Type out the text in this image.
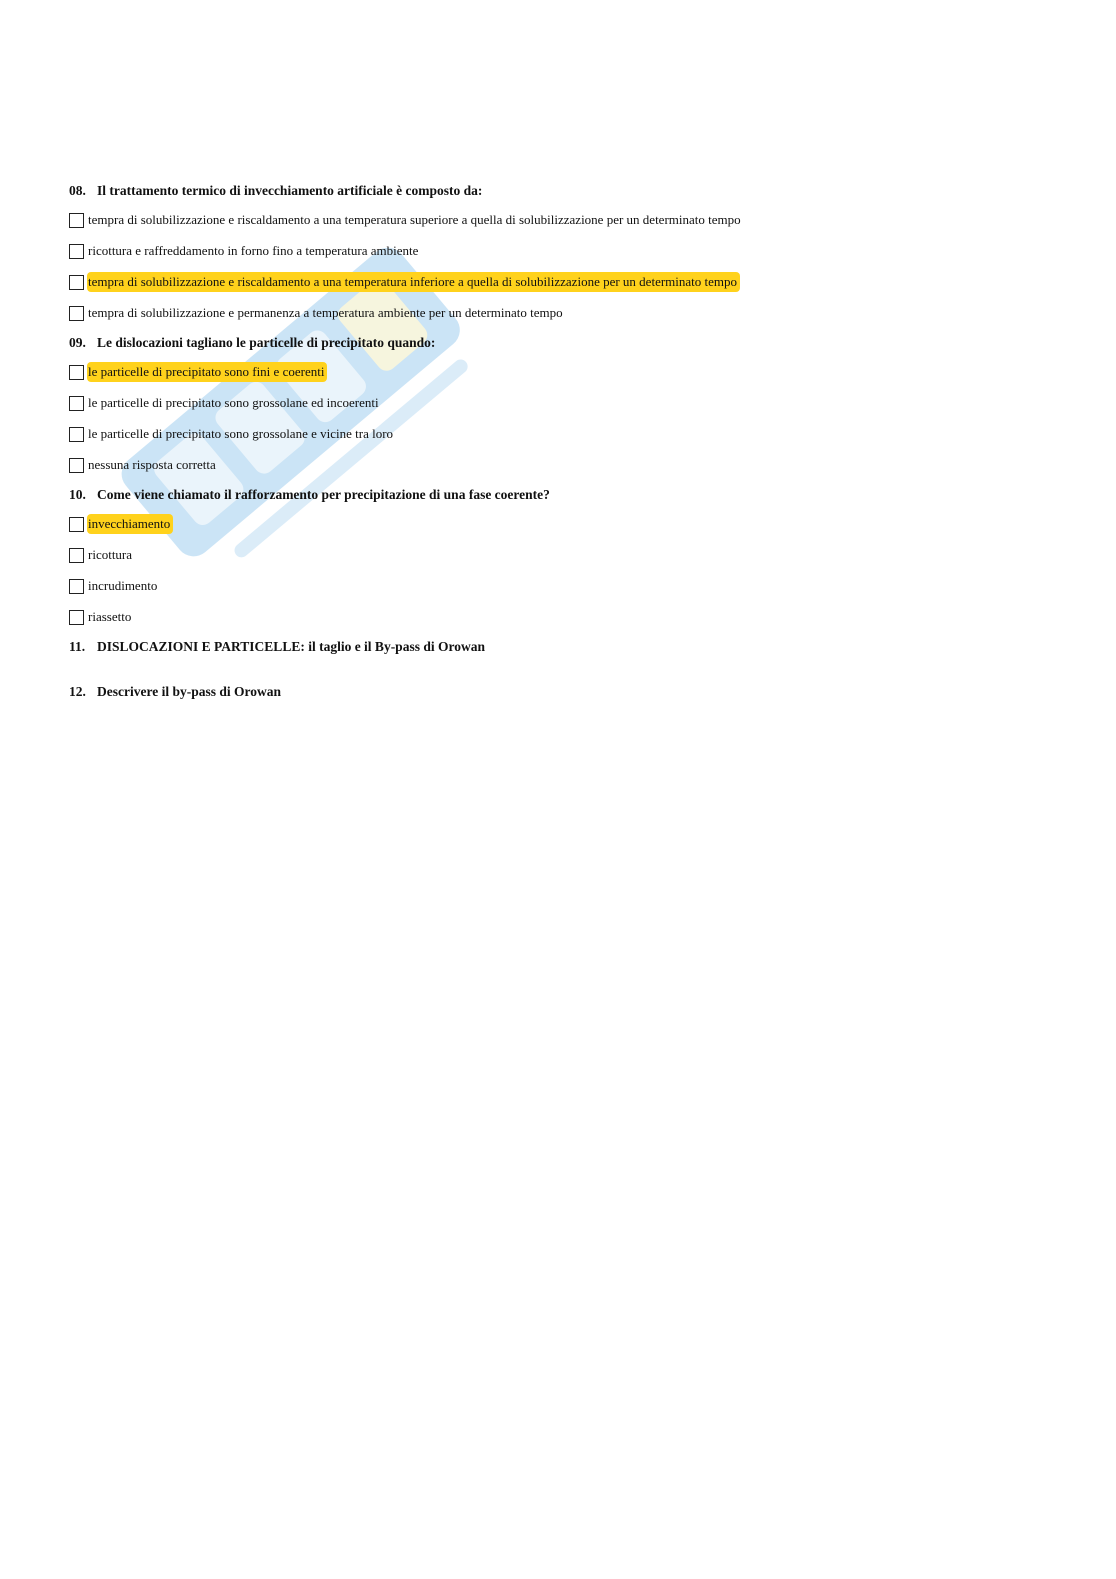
08. Il trattamento termico di invecchiamento artificiale è composto da:
tempra di solubilizzazione e riscaldamento a una temperatura superiore a quella di solubilizzazione per un determinato tempo
ricottura e raffreddamento in forno fino a temperatura ambiente
tempra di solubilizzazione e riscaldamento a una temperatura inferiore a quella di solubilizzazione per un determinato tempo
tempra di solubilizzazione e permanenza a temperatura ambiente per un determinato tempo
09. Le dislocazioni tagliano le particelle di precipitato quando:
le particelle di precipitato sono fini e coerenti
le particelle di precipitato sono grossolane ed incoerenti
le particelle di precipitato sono grossolane e vicine tra loro
nessuna risposta corretta
10. Come viene chiamato il rafforzamento per precipitazione di una fase coerente?
invecchiamento
ricottura
incrudimento
riassetto
11. DISLOCAZIONI E PARTICELLE: il taglio e il By-pass di Orowan
12. Descrivere il by-pass di Orowan
